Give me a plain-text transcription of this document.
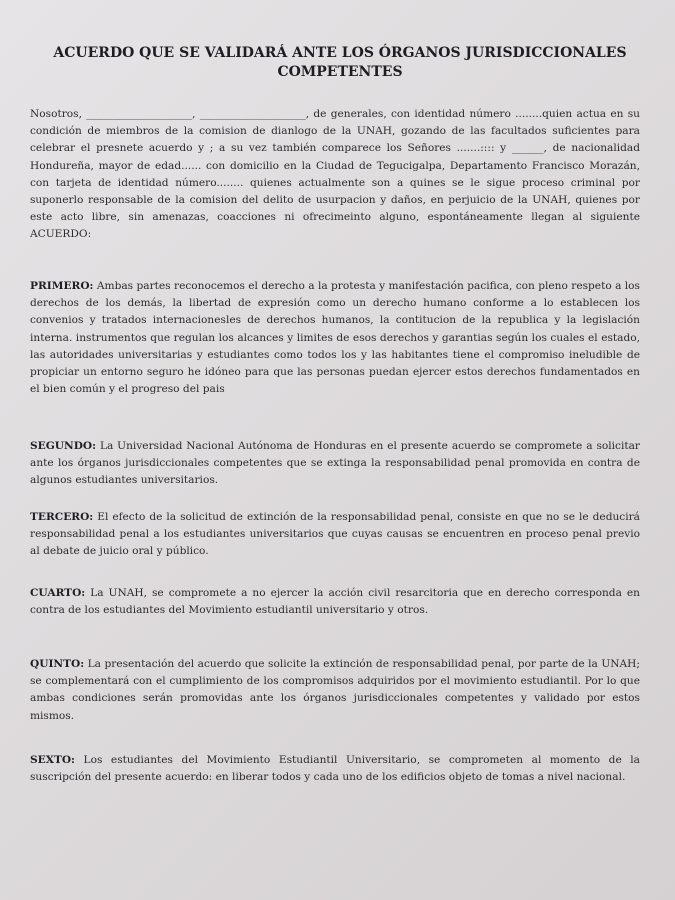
ACUERDO QUE SE VALIDARÁ ANTE LOS ÓRGANOS JURISDICCIONALES COMPETENTES
Nosotros, ____________________, ____________________, de generales, con identidad número ........quien actua en su condición de miembros de la comision de dianlogo de la UNAH, gozando de las facultados suficientes para celebrar el presnete acuerdo y ; a su vez también comparece los Señores .......:::: y ______, de nacionalidad Hondureña, mayor de edad...... con domicilio en la Ciudad de Tegucigalpa, Departamento Francisco Morazán, con tarjeta de identidad número........ quienes actualmente son a quines se le sigue proceso criminal por suponerlo responsable de la comision del delito de usurpacion y daños, en perjuicio de la UNAH, quienes por este acto libre, sin amenazas, coacciones ni ofrecimeinto alguno, espontáneamente llegan al siguiente ACUERDO:
PRIMERO: Ambas partes reconocemos el derecho a la protesta y manifestación pacifica, con pleno respeto a los derechos de los demás, la libertad de expresión como un derecho humano conforme a lo establecen los convenios y tratados internacionesles de derechos humanos, la contitucion de la republica y la legislación interna. instrumentos que regulan los alcances y limites de esos derechos y garantias según los cuales el estado, las autoridades universitarias y estudiantes como todos los y las habitantes tiene el compromiso ineludible de propiciar un entorno seguro he idóneo para que las personas puedan ejercer estos derechos fundamentados en el bien común y el progreso del pais
SEGUNDO: La Universidad Nacional Autónoma de Honduras en el presente acuerdo se compromete a solicitar ante los órganos jurisdiccionales competentes que se extinga la responsabilidad penal promovida en contra de algunos estudiantes universitarios.
TERCERO: El efecto de la solicitud de extinción de la responsabilidad penal, consiste en que no se le deducirá responsabilidad penal a los estudiantes universitarios que cuyas causas se encuentren en proceso penal previo al debate de juicio oral y público.
CUARTO: La UNAH, se compromete a no ejercer la acción civil resarcitoria que en derecho corresponda en contra de los estudiantes del Movimiento estudiantil universitario y otros.
QUINTO: La presentación del acuerdo que solicite la extinción de responsabilidad penal, por parte de la UNAH; se complementará con el cumplimiento de los compromisos adquiridos por el movimiento estudiantil. Por lo que ambas condiciones serán promovidas ante los órganos jurisdiccionales competentes y validado por estos mismos.
SEXTO: Los estudiantes del Movimiento Estudiantil Universitario, se comprometen al momento de la suscripción del presente acuerdo: en liberar todos y cada uno de los edificios objeto de tomas a nivel nacional.
